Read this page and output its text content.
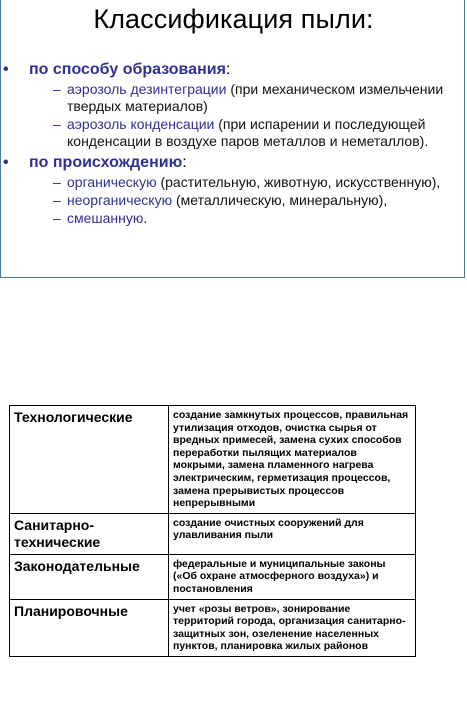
Классификация пыли:

• по способу образования:

– аэрозоль дезинтеграции (при механическом измельчении твердых материалов)
– аэрозоль конденсации (при испарении и последующей конденсации в воздухе паров металлов и неметаллов).

• по происхождению:

– органическую (растительную, животную, искусственную),
– неорганическую (металлическую, минеральную),
– смешанную.
Технологические	создание замкнутых процессов, правильная утилизация отходов, очистка сырья от вредных примесей, замена сухих способов переработки пылящих материалов мокрыми, замена пламенного нагрева электрическим, герметизация процессов, замена прерывистых процессов непрерывными
Санитарно-технические	создание очистных сооружений для улавливания пыли
Законодательные	федеральные и муниципальные законы («Об охране атмосферного воздуха») и постановления
Планировочные	учет «розы ветров», зонирование территорий города, организация санитарно-защитных зон, озеленение населенных пунктов, планировка жилых районов
